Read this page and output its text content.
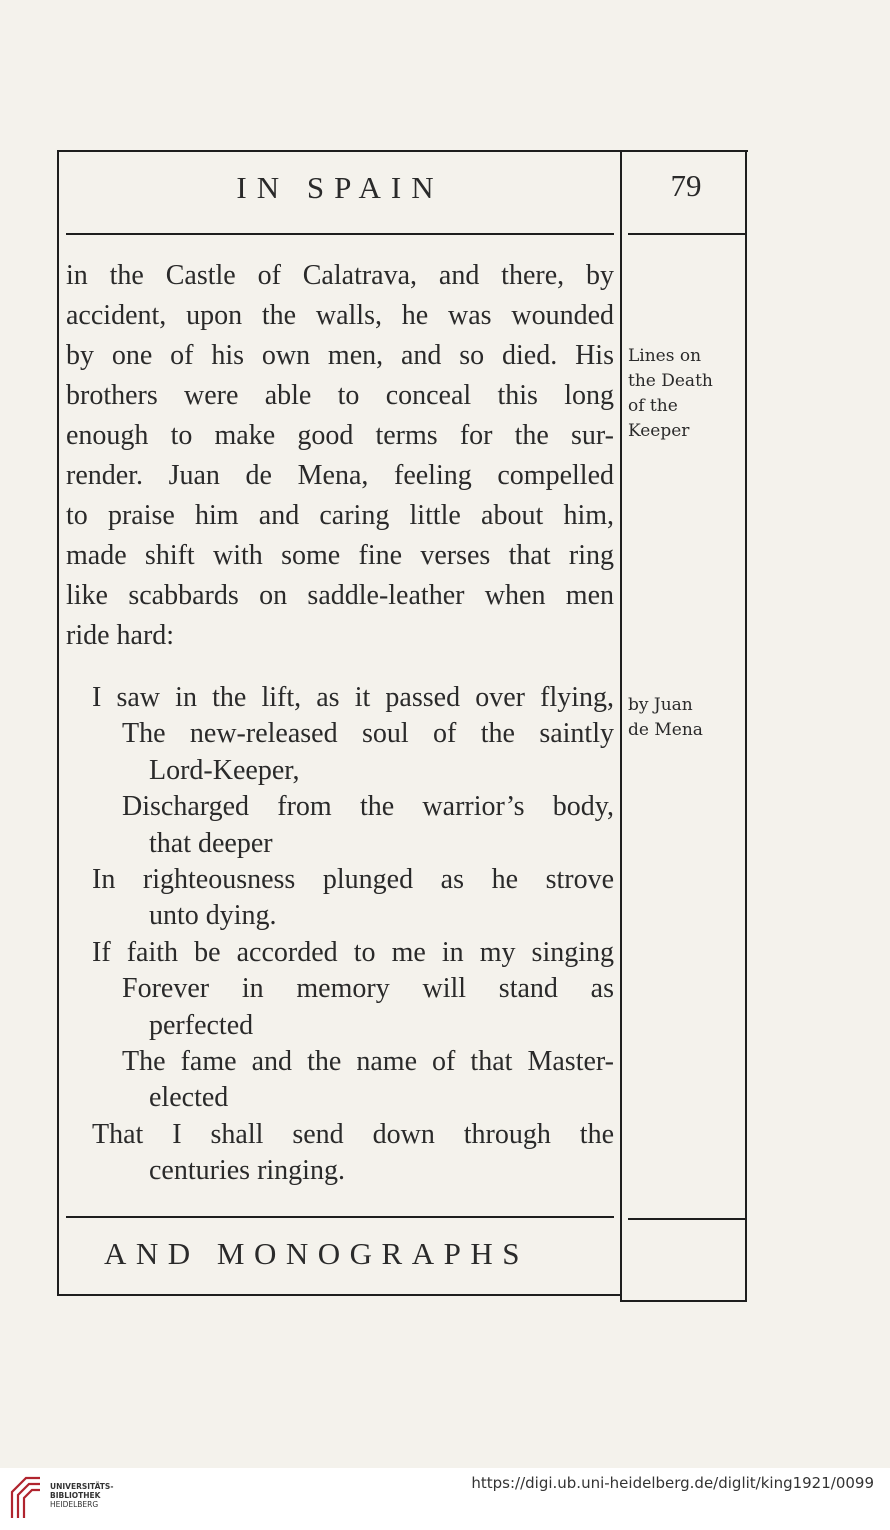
IN SPAIN	79
in the Castle of Calatrava, and there, by
accident, upon the walls, he was wounded
by one of his own men, and so died. His
brothers were able to conceal this long
enough to make good terms for the sur-
render. Juan de Mena, feeling compelled
to praise him and caring little about him,
made shift with some fine verses that ring
like scabbards on saddle-leather when men
ride hard:
I saw in the lift, as it passed over flying,
The new-released soul of the saintly
Lord-Keeper,
Discharged from the warrior’s body,
that deeper
In righteousness plunged as he strove
unto dying.
If faith be accorded to me in my singing
Forever in memory will stand as
perfected
The fame and the name of that Master-
elected
That I shall send down through the
centuries ringing.
Lines on
the Death
of the
Keeper
by Juan
de Mena
AND MONOGRAPHS
UNIVERSITÄTS-
BIBLIOTHEK
HEIDELBERG
https://digi.ub.uni-heidelberg.de/diglit/king1921/0099
